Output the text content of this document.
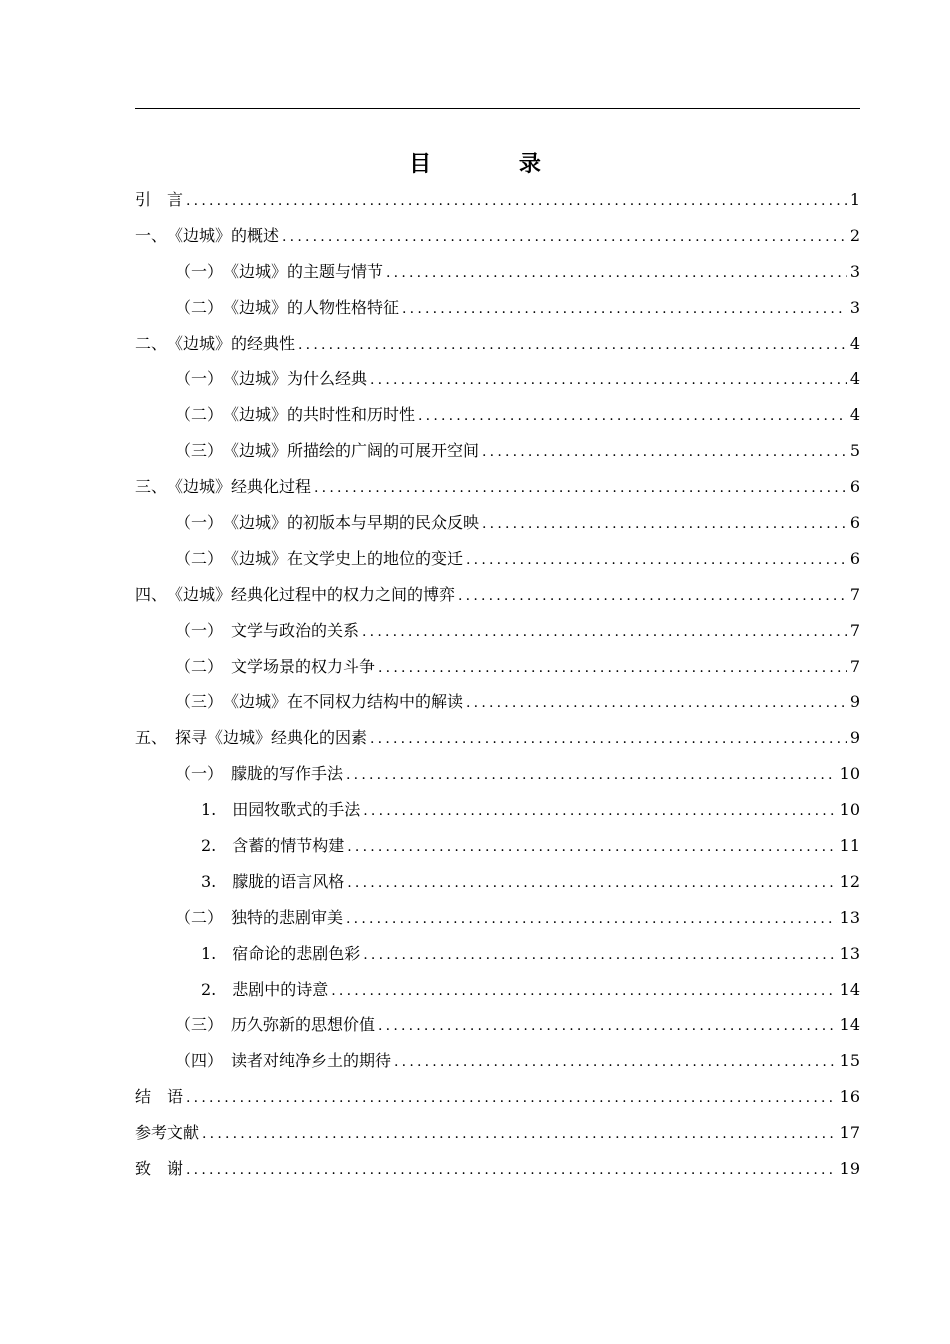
目 录
引　言 .....	1
一、　《边城》的概述 .....	2
（一）　《边城》的主题与情节 .....	3
（二）　《边城》的人物性格特征 .....	3
二、　《边城》的经典性 .....	4
（一）　《边城》为什么经典 .....	4
（二）　《边城》的共时性和历时性 .....	4
（三）　《边城》所描绘的广阔的可展开空间 .....	5
三、　《边城》经典化过程 .....	6
（一）　《边城》的初版本与早期的民众反映 .....	6
（二）　《边城》在文学史上的地位的变迁 .....	6
四、　《边城》经典化过程中的权力之间的博弈 .....	7
（一）　文学与政治的关系 .....	7
（二）　文学场景的权力斗争 .....	7
（三）　《边城》在不同权力结构中的解读 .....	9
五、　探寻《边城》经典化的因素 .....	9
（一）　朦胧的写作手法 .....	10
1.　田园牧歌式的手法 .....	10
2.　含蓄的情节构建 .....	11
3.　朦胧的语言风格 .....	12
（二）　独特的悲剧审美 .....	13
1.　宿命论的悲剧色彩 .....	13
2.　悲剧中的诗意 .....	14
（三）　历久弥新的思想价值 .....	14
（四）　读者对纯净乡土的期待 .....	15
结　语 .....	16
参考文献 .....	17
致　谢 .....	19
